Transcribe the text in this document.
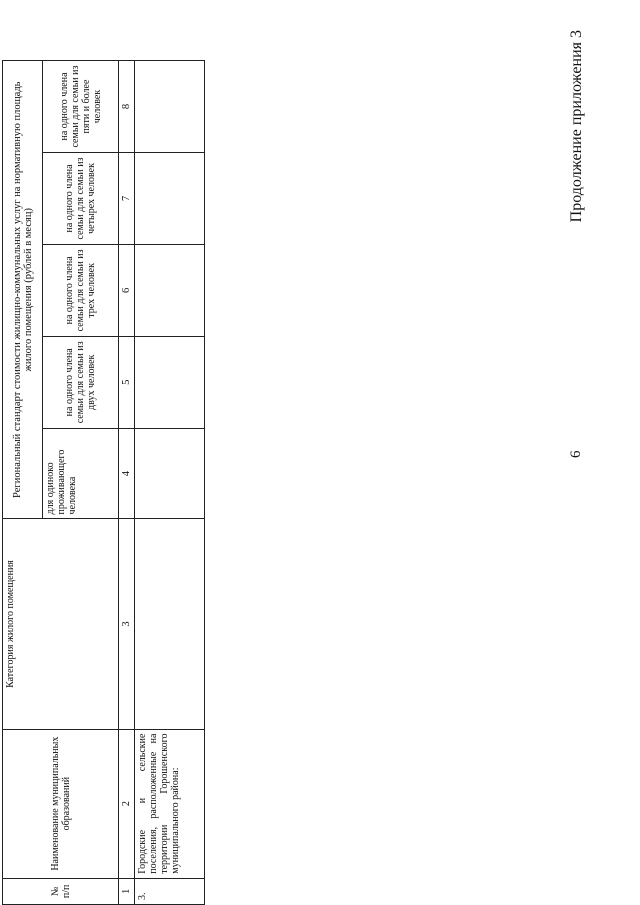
6
Продолжение приложения 3
№ п/п	Наименование муниципальных образований	Категория жилого помещения	Региональный стандарт стоимости жилищно-коммунальных услуг на нормативную площадь жилого помещения (рублей в месяц)				
			для одиноко проживающего человека	на одного члена семьи для семьи из двух человек	на одного члена семьи для семьи из трех человек	на одного члена семьи для семьи из четырех человек	на одного члена семьи для семьи из пяти и более человек
1	2	3	4	5	6	7	8
3.	Городские и сельские поселения, расположенные на территории Горошенского муниципального района:						
